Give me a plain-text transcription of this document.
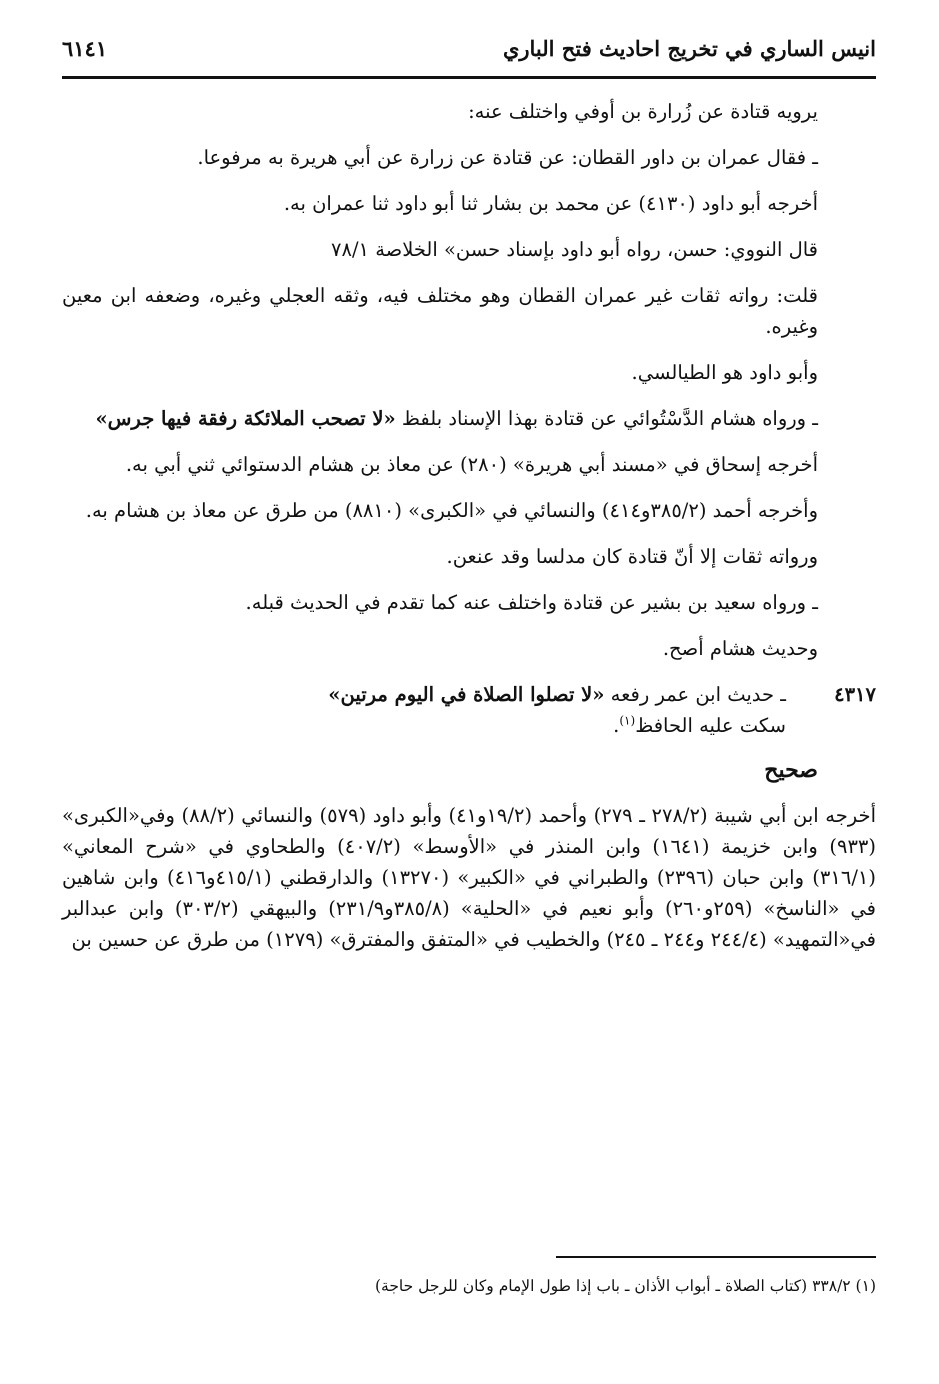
انيس الساري في تخريج احاديث فتح الباري
٦١٤١

يرويه قتادة عن زُرارة بن أوفي واختلف عنه:

ـ فقال عمران بن داور القطان: عن قتادة عن زرارة عن أبي هريرة به مرفوعا.

أخرجه أبو داود (٤١٣٠) عن محمد بن بشار ثنا أبو داود ثنا عمران به.

قال النووي: حسن، رواه أبو داود بإسناد حسن» الخلاصة ٧٨/١

قلت: رواته ثقات غير عمران القطان وهو مختلف فيه، وثقه العجلي وغيره، وضعفه ابن معين وغيره.

وأبو داود هو الطيالسي.

ـ ورواه هشام الدَّسْتُوائي عن قتادة بهذا الإسناد بلفظ «لا تصحب الملائكة رفقة فيها جرس»

أخرجه إسحاق في «مسند أبي هريرة» (٢٨٠) عن معاذ بن هشام الدستوائي ثني أبي به.

وأخرجه أحمد (٣٨٥/٢و٤١٤) والنسائي في «الكبرى» (٨٨١٠) من طرق عن معاذ بن هشام به.

ورواته ثقات إلا أنّ قتادة كان مدلسا وقد عنعن.

ـ ورواه سعيد بن بشير عن قتادة واختلف عنه كما تقدم في الحديث قبله.

وحديث هشام أصح.

٤٣١٧
ـ حديث ابن عمر رفعه «لا تصلوا الصلاة في اليوم مرتين»
سكت عليه الحافظ$^{(١)}$.
صحيح

أخرجه ابن أبي شيبة (٢٧٨/٢ ـ ٢٧٩) وأحمد (١٩/٢و٤١) وأبو داود (٥٧٩) والنسائي (٨٨/٢) وفي«الكبرى» (٩٣٣) وابن خزيمة (١٦٤١) وابن المنذر في «الأوسط» (٤٠٧/٢) والطحاوي في «شرح المعاني» (٣١٦/١) وابن حبان (٢٣٩٦) والطبراني في «الكبير» (١٣٢٧٠) والدارقطني (٤١٥/١و٤١٦) وابن شاهين في «الناسخ» (٢٥٩و٢٦٠) وأبو نعيم في «الحلية» (٣٨٥/٨و٢٣١/٩) والبيهقي (٣٠٣/٢) وابن عبدالبر في«التمهيد» (٢٤٤/٤ و٢٤٤ ـ ٢٤٥) والخطيب في «المتفق والمفترق» (١٢٧٩) من طرق عن حسين بن

(١) ٣٣٨/٢ (كتاب الصلاة ـ أبواب الأذان ـ باب إذا طول الإمام وكان للرجل حاجة)
